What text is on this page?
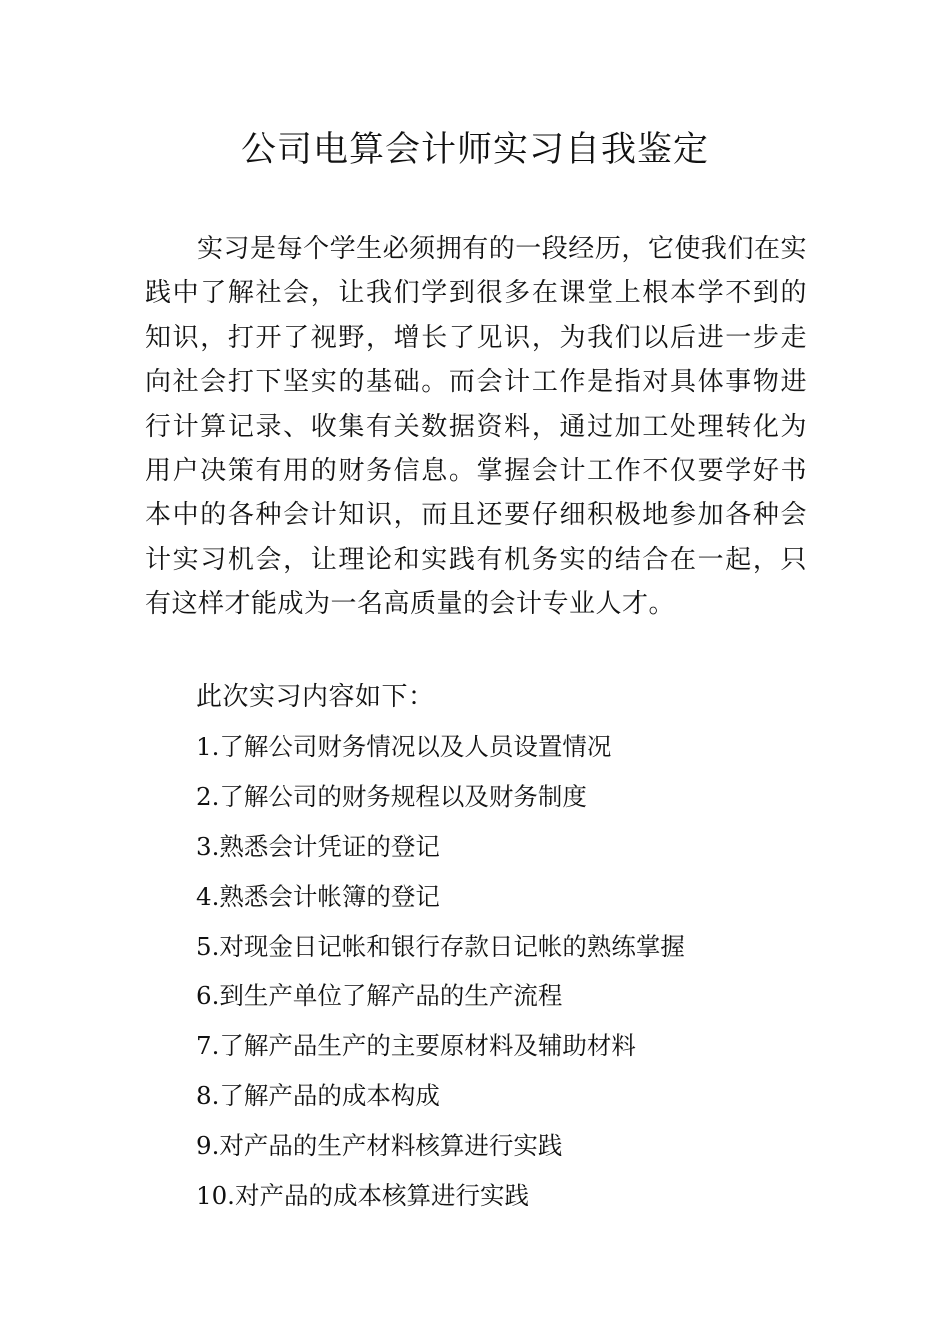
公司电算会计师实习自我鉴定

实习是每个学生必须拥有的一段经历，它使我们在实践中了解社会，让我们学到很多在课堂上根本学不到的知识，打开了视野，增长了见识，为我们以后进一步走向社会打下坚实的基础。而会计工作是指对具体事物进行计算记录、收集有关数据资料，通过加工处理转化为用户决策有用的财务信息。掌握会计工作不仅要学好书本中的各种会计知识，而且还要仔细积极地参加各种会计实习机会，让理论和实践有机务实的结合在一起，只有这样才能成为一名高质量的会计专业人才。

此次实习内容如下：

1.了解公司财务情况以及人员设置情况
2.了解公司的财务规程以及财务制度
3.熟悉会计凭证的登记
4.熟悉会计帐簿的登记
5.对现金日记帐和银行存款日记帐的熟练掌握
6.到生产单位了解产品的生产流程
7.了解产品生产的主要原材料及辅助材料
8.了解产品的成本构成
9.对产品的生产材料核算进行实践
10.对产品的成本核算进行实践
